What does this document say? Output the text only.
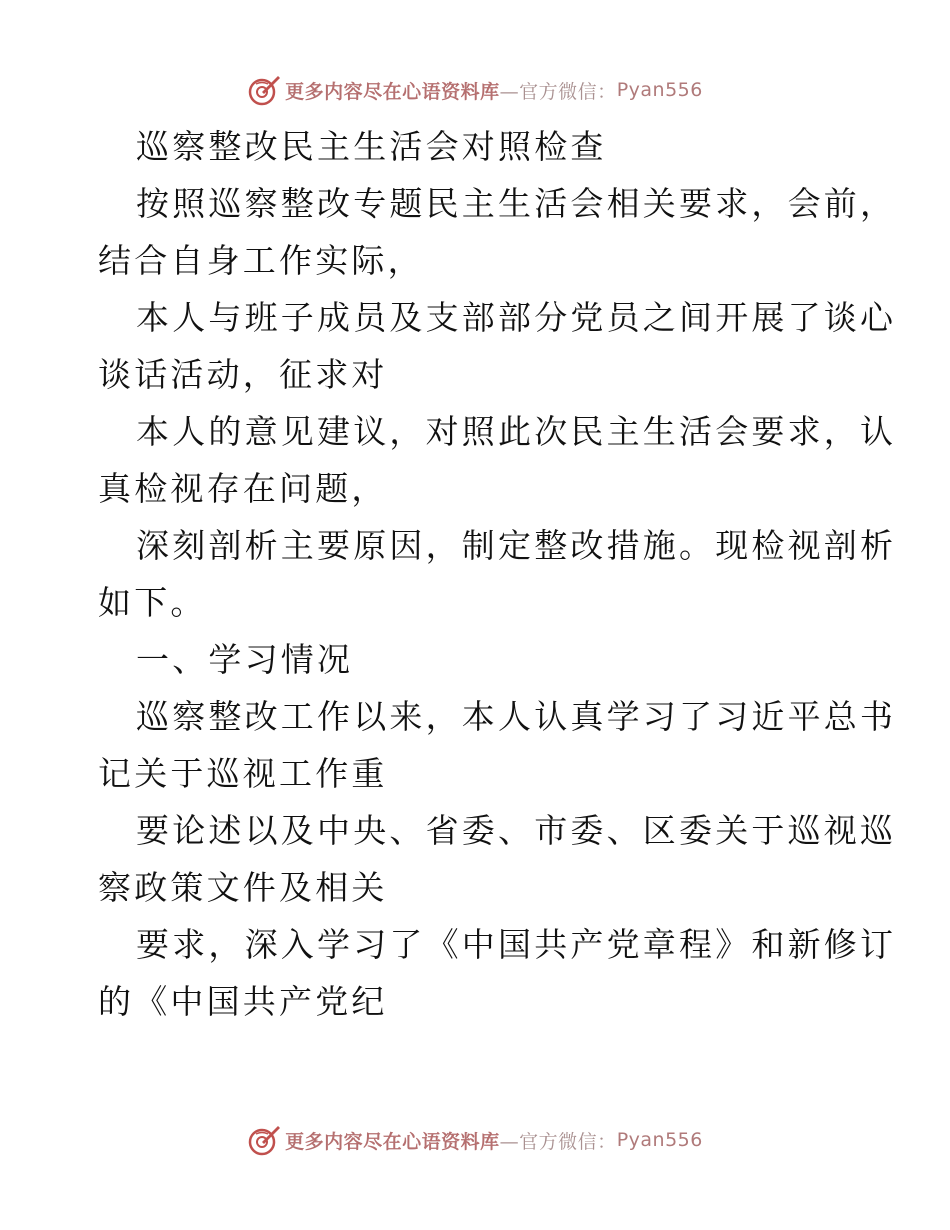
更多内容尽在心语资料库 —官方微信： Pyan556
巡察整改民主生活会对照检查
按照巡察整改专题民主生活会相关要求，会前，
结合自身工作实际，
本人与班子成员及支部部分党员之间开展了谈心
谈话活动，征求对
本人的意见建议，对照此次民主生活会要求，认
真检视存在问题，
深刻剖析主要原因，制定整改措施。现检视剖析
如下。
一、学习情况
巡察整改工作以来，本人认真学习了习近平总书
记关于巡视工作重
要论述以及中央、省委、市委、区委关于巡视巡
察政策文件及相关
要求，深入学习了《中国共产党章程》和新修订
的《中国共产党纪
更多内容尽在心语资料库 —官方微信： Pyan556
